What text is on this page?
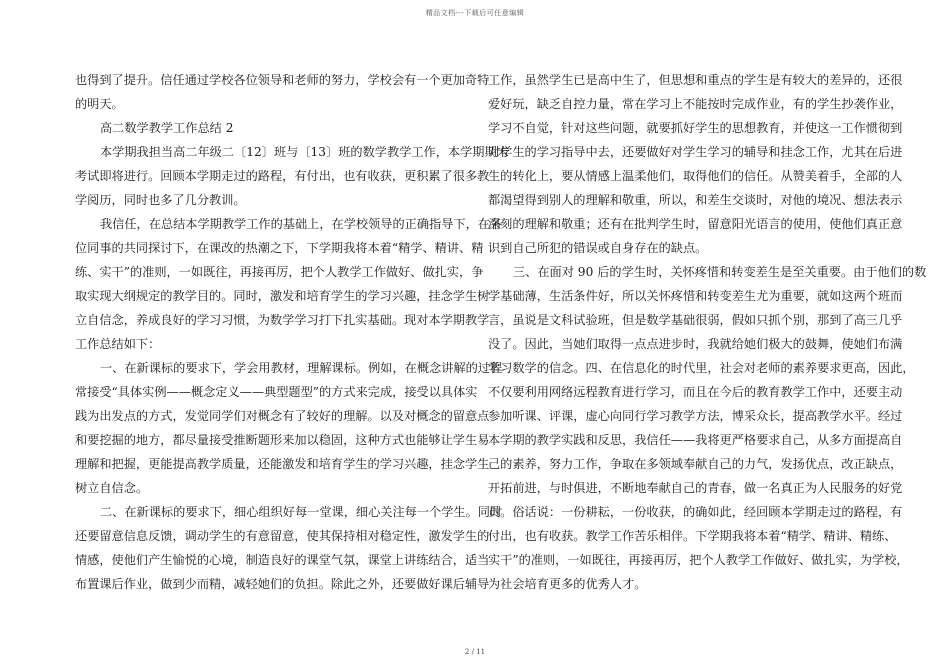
精品文档---下载后可任意编辑
也得到了提升。信任通过学校各位领导和老师的努力，学校会有一个更加奇特
的明天。
高二数学教学工作总结 2
本学期我担当高二年级二〔12〕班与〔13〕班的数学教学工作，本学期期末
考试即将进行。回顾本学期走过的路程，有付出，也有收获，更积累了很多教
学阅历，同时也多了几分教训。
我信任，在总结本学期教学工作的基础上，在学校领导的正确指导下，在各
位同事的共同探讨下，在课改的热潮之下，下学期我将本着“精学、精讲、精
练、实干”的准则，一如既往，再接再厉，把个人教学工作做好、做扎实，争
取实现大纲规定的教学目的。同时，激发和培育学生的学习兴趣，挂念学生树
立自信念，养成良好的学习习惯，为数学学习打下扎实基础。现对本学期教学
工作总结如下：
一、在新课标的要求下，学会用教材，理解课标。例如，在概念讲解的过程
常接受“具体实例——概念定义——典型题型”的方式来完成，接受以具体实
践为出发点的方式，发觉同学们对概念有了较好的理解。以及对概念的留意点
和要挖掘的地方，都尽量接受推断题形来加以稳固，这种方式也能够让学生易
理解和把握，更能提高教学质量，还能激发和培育学生的学习兴趣，挂念学生
树立自信念。
二、在新课标的要求下，细心组织好每一堂课，细心关注每一个学生。同时
还要留意信息反馈，调动学生的有意留意，使其保持相对稳定性，激发学生的
情感，使他们产生愉悦的心境，制造良好的课堂气氛，课堂上讲练结合，适当
布置课后作业，做到少而精，减轻她们的负担。除此之外，还要做好课后辅导
工作，虽然学生已是高中生了，但思想和重点的学生是有较大的差异的，还很
爱好玩，缺乏自控力量，常在学习上不能按时完成作业，有的学生抄袭作业，
学习不自觉，针对这些问题，就要抓好学生的思想教育，并使这一工作惯彻到
对学生的学习指导中去，还要做好对学生学习的辅导和挂念工作，尤其在后进
生的转化上，要从情感上温柔他们，取得他们的信任。从赞美着手，全部的人
都渴望得到别人的理解和敬重，所以，和差生交谈时，对他的境况、想法表示
深刻的理解和敬重；还有在批判学生时，留意阳光语言的使用，使他们真正意
识到自己所犯的错误或自身存在的缺点。
三、在面对 90 后的学生时，关怀疼惜和转变差生是至关重要。由于他们的数
学基础薄，生活条件好，所以关怀疼惜和转变差生尤为重要，就如这两个班而
言，虽说是文科试验班，但是数学基础很弱，假如只抓个别，那到了高三几乎
没了。因此，当她们取得一点点进步时，我就给她们极大的鼓舞，使她们布满
学习数学的信念。四、在信息化的时代里，社会对老师的素养要求更高，因此，
不仅要利用网络远程教育进行学习，而且在今后的教育教学工作中，还要主动
参加听课、评课，虚心向同行学习教学方法，博采众长，提高教学水平。经过
本学期的教学实践和反思，我信任——我将更严格要求自己，从多方面提高自
己的素养，努力工作，争取在多领域奉献自己的力气，发扬优点，改正缺点，
开拓前进，与时俱进，不断地奉献自己的青春，做一名真正为人民服务的好党
员。俗话说：一份耕耘，一份收获，的确如此，经回顾本学期走过的路程，有
付出，也有收获。教学工作苦乐相伴。下学期我将本着“精学、精讲、精练、
实干”的准则，一如既往，再接再厉，把个人教学工作做好、做扎实，为学校，
为社会培育更多的优秀人才。
2 / 11
